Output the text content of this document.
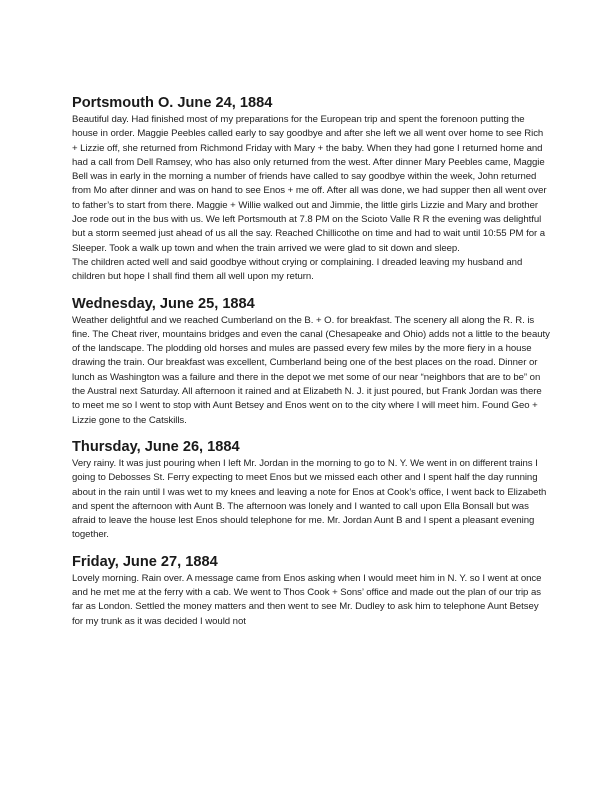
Portsmouth O. June 24, 1884

Beautiful day. Had finished most of my preparations for the European trip and spent the forenoon putting the house in order. Maggie Peebles called early to say goodbye and after she left we all went over home to see Rich + Lizzie off, she returned from Richmond Friday with Mary + the baby. When they had gone I returned home and had a call from Dell Ramsey, who has also only returned from the west. After dinner Mary Peebles came, Maggie Bell was in early in the morning a number of friends have called to say goodbye within the week, John returned from Mo after dinner and was on hand to see Enos + me off. After all was done, we had supper then all went over to father’s to start from there. Maggie + Willie walked out and Jimmie, the little girls Lizzie and Mary and brother Joe rode out in the bus with us. We left Portsmouth at 7.8 PM on the Scioto Valle R R the evening was delightful but a storm seemed just ahead of us all the say. Reached Chillicothe on time and had to wait until 10:55 PM for a Sleeper. Took a walk up town and when the train arrived we were glad to sit down and sleep.

The children acted well and said goodbye without crying or complaining. I dreaded leaving my husband and children but hope I shall find them all well upon my return.

Wednesday, June 25, 1884

Weather delightful and we reached Cumberland on the B. + O. for breakfast. The scenery all along the R. R. is fine. The Cheat river, mountains bridges and even the canal (Chesapeake and Ohio) adds not a little to the beauty of the landscape. The plodding old horses and mules are passed every few miles by the more fiery in a house drawing the train. Our breakfast was excellent, Cumberland being one of the best places on the road. Dinner or lunch as Washington was a failure and there in the depot we met some of our near “neighbors that are to be” on the Austral next Saturday. All afternoon it rained and at Elizabeth N. J. it just poured, but Frank Jordan was there to meet me so I went to stop with Aunt Betsey and Enos went on to the city where I will meet him. Found Geo + Lizzie gone to the Catskills.

Thursday, June 26, 1884

Very rainy. It was just pouring when I left Mr. Jordan in the morning to go to N. Y. We went in on different trains I going to Debosses St. Ferry expecting to meet Enos but we missed each other and I spent half the day running about in the rain until I was wet to my knees and leaving a note for Enos at Cook’s office, I went back to Elizabeth and spent the afternoon with Aunt B. The afternoon was lonely and I wanted to call upon Ella Bonsall but was afraid to leave the house lest Enos should telephone for me. Mr. Jordan Aunt B and I spent a pleasant evening together.

Friday, June 27, 1884

Lovely morning. Rain over. A message came from Enos asking when I would meet him in N. Y. so I went at once and he met me at the ferry with a cab. We went to Thos Cook + Sons’ office and made out the plan of our trip as far as London. Settled the money matters and then went to see Mr. Dudley to ask him to telephone Aunt Betsey for my trunk as it was decided I would not
